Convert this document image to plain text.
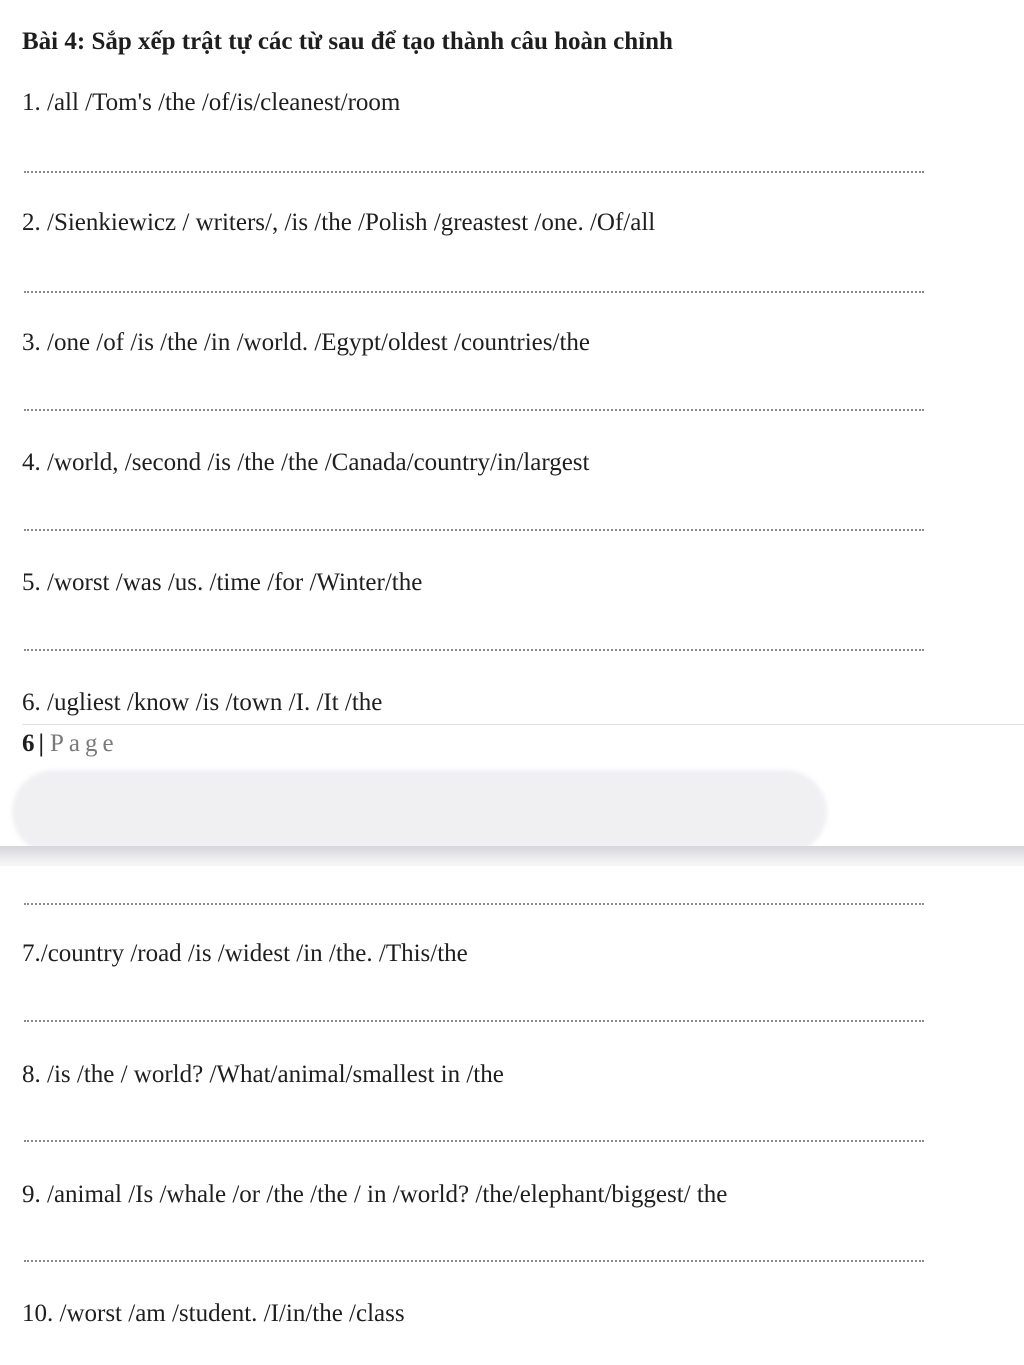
Bài 4: Sắp xếp trật tự các từ sau để tạo thành câu hoàn chỉnh
1. /all /Tom's /the /of/is/cleanest/room
2. /Sienkiewicz / writers/, /is /the /Polish /greastest /one. /Of/all
3. /one /of /is /the /in /world. /Egypt/oldest /countries/the
4. /world, /second /is /the /the /Canada/country/in/largest
5. /worst /was /us. /time /for /Winter/the
6. /ugliest /know /is /town /I. /It /the
6 | Page
7./country /road /is /widest /in /the. /This/the
8. /is /the / world? /What/animal/smallest in /the
9. /animal /Is /whale /or /the /the / in /world? /the/elephant/biggest/ the
10. /worst /am /student. /I/in/the /class
